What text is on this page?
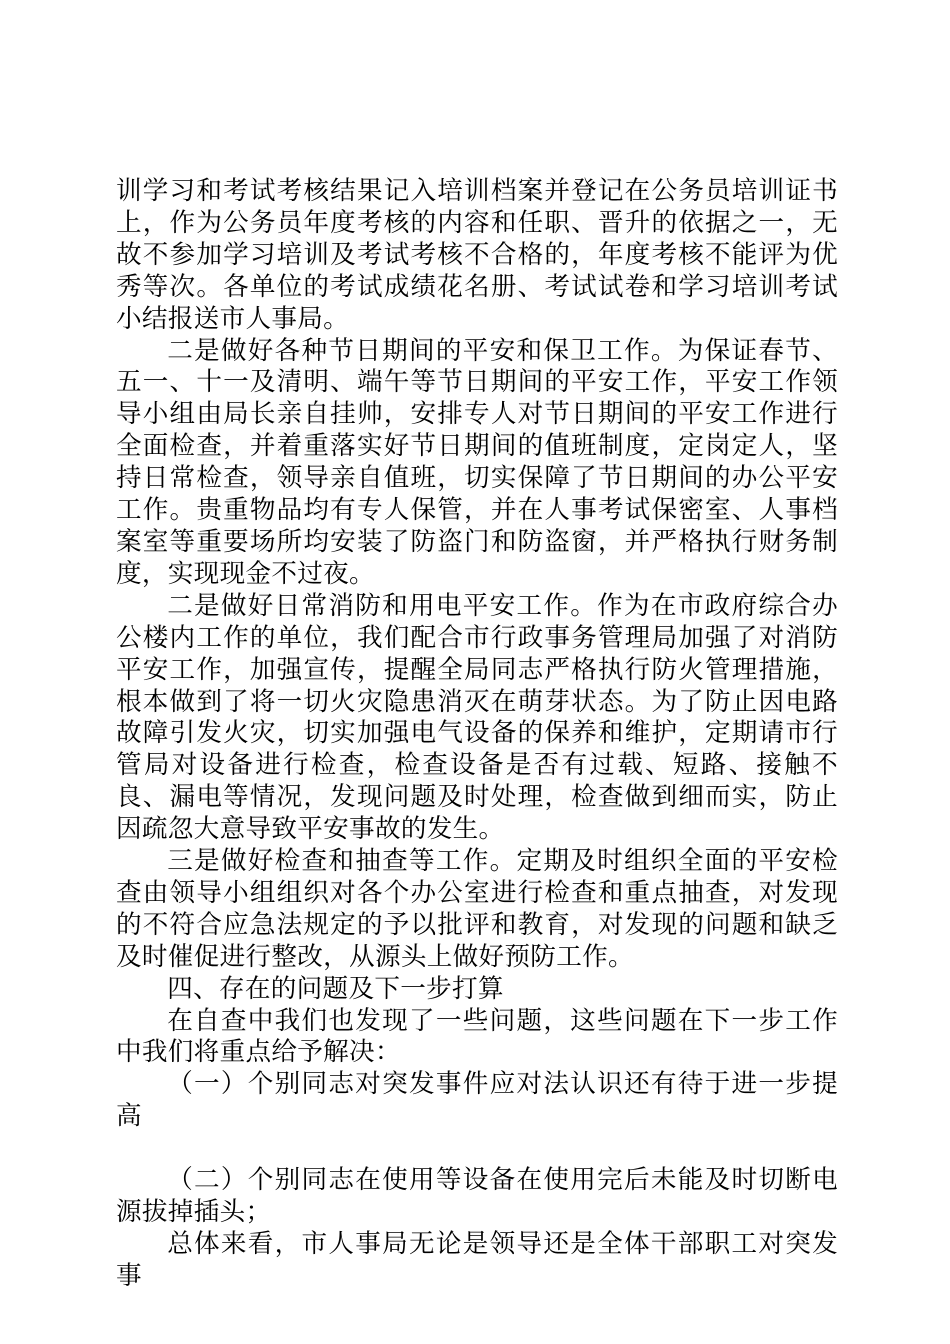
训学习和考试考核结果记入培训档案并登记在公务员培训证书上，作为公务员年度考核的内容和任职、晋升的依据之一，无故不参加学习培训及考试考核不合格的，年度考核不能评为优秀等次。各单位的考试成绩花名册、考试试卷和学习培训考试小结报送市人事局。

二是做好各种节日期间的平安和保卫工作。为保证春节、五一、十一及清明、端午等节日期间的平安工作，平安工作领导小组由局长亲自挂帅，安排专人对节日期间的平安工作进行全面检查，并着重落实好节日期间的值班制度，定岗定人，坚持日常检查，领导亲自值班，切实保障了节日期间的办公平安工作。贵重物品均有专人保管，并在人事考试保密室、人事档案室等重要场所均安装了防盗门和防盗窗，并严格执行财务制度，实现现金不过夜。

二是做好日常消防和用电平安工作。作为在市政府综合办公楼内工作的单位，我们配合市行政事务管理局加强了对消防平安工作，加强宣传，提醒全局同志严格执行防火管理措施，根本做到了将一切火灾隐患消灭在萌芽状态。为了防止因电路故障引发火灾，切实加强电气设备的保养和维护，定期请市行管局对设备进行检查，检查设备是否有过载、短路、接触不良、漏电等情况，发现问题及时处理，检查做到细而实，防止因疏忽大意导致平安事故的发生。

三是做好检查和抽查等工作。定期及时组织全面的平安检查由领导小组组织对各个办公室进行检查和重点抽查，对发现的不符合应急法规定的予以批评和教育，对发现的问题和缺乏及时催促进行整改，从源头上做好预防工作。

四、存在的问题及下一步打算

在自查中我们也发现了一些问题，这些问题在下一步工作中我们将重点给予解决：

（一）个别同志对突发事件应对法认识还有待于进一步提高

（二）个别同志在使用等设备在使用完后未能及时切断电源拔掉插头；

总体来看，市人事局无论是领导还是全体干部职工对突发事
